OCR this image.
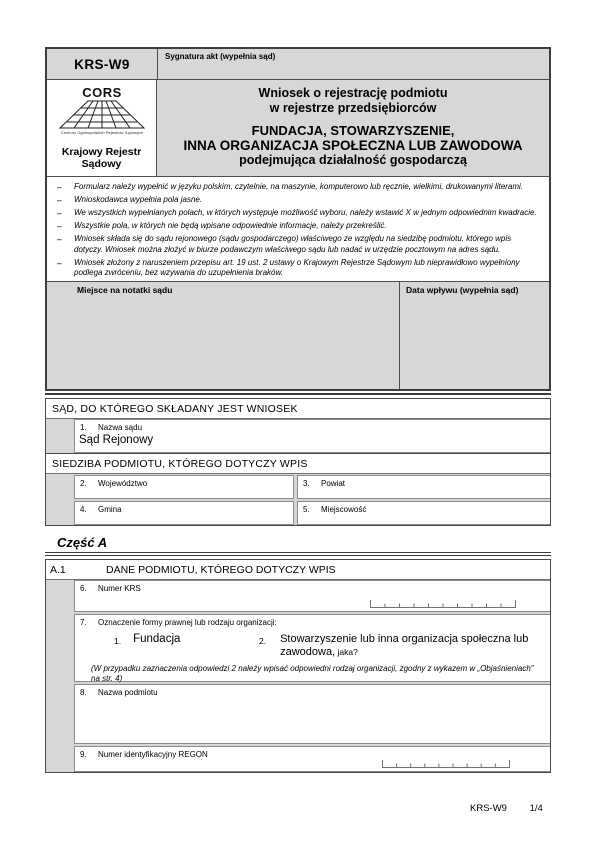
KRS-W9	Sygnatura akt (wypełnia sąd)
CORS
Centrum Ogólnopolskich Rejestrów Sądowych
Krajowy Rejestr
Sądowy
Wniosek o rejestrację podmiotu
w rejestrze przedsiębiorców
FUNDACJA, STOWARZYSZENIE,
INNA ORGANIZACJA SPOŁECZNA LUB ZAWODOWA
podejmująca działalność gospodarczą
–	Formularz należy wypełnić w języku polskim, czytelnie, na maszynie, komputerowo lub ręcznie, wielkimi, drukowanymi literami.
–	Wnioskodawca wypełnia pola jasne.
–	We wszystkich wypełnianych polach, w których występuje możliwość wyboru, należy wstawić X w jednym odpowiednim kwadracie.
–	Wszystkie pola, w których nie będą wpisane odpowiednie informacje, należy przekreślić.
–	Wniosek składa się do sądu rejonowego (sądu gospodarczego) właściwego ze względu na siedzibę podmiotu, którego wpis dotyczy. Wniosek można złożyć w biurze podawczym właściwego sądu lub nadać w urzędzie pocztowym na adres sądu.
–	Wniosek złożony z naruszeniem przepisu art. 19 ust. 2 ustawy o Krajowym Rejestrze Sądowym lub nieprawidłowo wypełniony podlega zwróceniu, bez wzywania do uzupełnienia braków.
Miejsce na notatki sądu	Data wpływu (wypełnia sąd)
SĄD, DO KTÓREGO SKŁADANY JEST WNIOSEK
1.	Nazwa sądu
Sąd Rejonowy
SIEDZIBA PODMIOTU, KTÓREGO DOTYCZY WPIS
2.	Województwo	3.	Powiat
4.	Gmina	5.	Miejscowość
Część A
A.1	DANE PODMIOTU, KTÓREGO DOTYCZY WPIS
6.	Numer KRS
7.	Oznaczenie formy prawnej lub rodzaju organizacji:
1. Fundacja	2. Stowarzyszenie lub inna organizacja społeczna lub zawodowa, jaka?
(W przypadku zaznaczenia odpowiedzi 2 należy wpisać odpowiedni rodzaj organizacji, zgodny z wykazem w „Objaśnieniach” na str. 4)
8.	Nazwa podmiotu
9.	Numer identyfikacyjny REGON
KRS-W9 1/4
